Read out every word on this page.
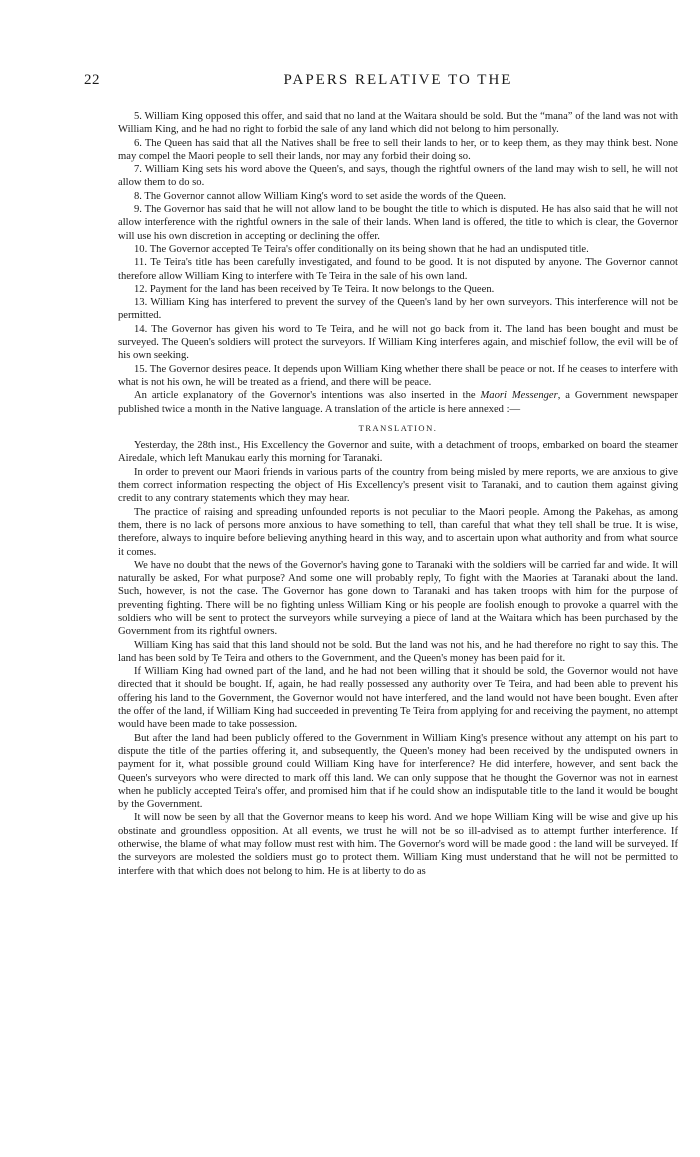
22	PAPERS RELATIVE TO THE

5. William King opposed this offer, and said that no land at the Waitara should be sold. But the “mana” of the land was not with William King, and he had no right to forbid the sale of any land which did not belong to him personally.

6. The Queen has said that all the Natives shall be free to sell their lands to her, or to keep them, as they may think best. None may compel the Maori people to sell their lands, nor may any forbid their doing so.

7. William King sets his word above the Queen's, and says, though the rightful owners of the land may wish to sell, he will not allow them to do so.

8. The Governor cannot allow William King's word to set aside the words of the Queen.

9. The Governor has said that he will not allow land to be bought the title to which is disputed. He has also said that he will not allow interference with the rightful owners in the sale of their lands. When land is offered, the title to which is clear, the Governor will use his own discretion in accepting or declining the offer.

10. The Governor accepted Te Teira's offer conditionally on its being shown that he had an undisputed title.

11. Te Teira's title has been carefully investigated, and found to be good. It is not disputed by anyone. The Governor cannot therefore allow William King to interfere with Te Teira in the sale of his own land.

12. Payment for the land has been received by Te Teira. It now belongs to the Queen.

13. William King has interfered to prevent the survey of the Queen's land by her own surveyors. This interference will not be permitted.

14. The Governor has given his word to Te Teira, and he will not go back from it. The land has been bought and must be surveyed. The Queen's soldiers will protect the surveyors. If William King interferes again, and mischief follow, the evil will be of his own seeking.

15. The Governor desires peace. It depends upon William King whether there shall be peace or not. If he ceases to interfere with what is not his own, he will be treated as a friend, and there will be peace.

An article explanatory of the Governor's intentions was also inserted in the Maori Messenger, a Government newspaper published twice a month in the Native language. A translation of the article is here annexed :—

TRANSLATION.

Yesterday, the 28th inst., His Excellency the Governor and suite, with a detachment of troops, embarked on board the steamer Airedale, which left Manukau early this morning for Taranaki.

In order to prevent our Maori friends in various parts of the country from being misled by mere reports, we are anxious to give them correct information respecting the object of His Excellency's present visit to Taranaki, and to caution them against giving credit to any contrary statements which they may hear.

The practice of raising and spreading unfounded reports is not peculiar to the Maori people. Among the Pakehas, as among them, there is no lack of persons more anxious to have something to tell, than careful that what they tell shall be true. It is wise, therefore, always to inquire before believing anything heard in this way, and to ascertain upon what authority and from what source it comes.

We have no doubt that the news of the Governor's having gone to Taranaki with the soldiers will be carried far and wide. It will naturally be asked, For what purpose? And some one will probably reply, To fight with the Maories at Taranaki about the land. Such, however, is not the case. The Governor has gone down to Taranaki and has taken troops with him for the purpose of preventing fighting. There will be no fighting unless William King or his people are foolish enough to provoke a quarrel with the soldiers who will be sent to protect the surveyors while surveying a piece of land at the Waitara which has been purchased by the Government from its rightful owners.

William King has said that this land should not be sold. But the land was not his, and he had therefore no right to say this. The land has been sold by Te Teira and others to the Government, and the Queen's money has been paid for it.

If William King had owned part of the land, and he had not been willing that it should be sold, the Governor would not have directed that it should be bought. If, again, he had really possessed any authority over Te Teira, and had been able to prevent his offering his land to the Government, the Governor would not have interfered, and the land would not have been bought. Even after the offer of the land, if William King had succeeded in preventing Te Teira from applying for and receiving the payment, no attempt would have been made to take possession.

But after the land had been publicly offered to the Government in William King's presence without any attempt on his part to dispute the title of the parties offering it, and subsequently, the Queen's money had been received by the undisputed owners in payment for it, what possible ground could William King have for interference? He did interfere, however, and sent back the Queen's surveyors who were directed to mark off this land. We can only suppose that he thought the Governor was not in earnest when he publicly accepted Teira's offer, and promised him that if he could show an indisputable title to the land it would be bought by the Government.

It will now be seen by all that the Governor means to keep his word. And we hope William King will be wise and give up his obstinate and groundless opposition. At all events, we trust he will not be so ill-advised as to attempt further interference. If otherwise, the blame of what may follow must rest with him. The Governor's word will be made good : the land will be surveyed. If the surveyors are molested the soldiers must go to protect them. William King must understand that he will not be permitted to interfere with that which does not belong to him. He is at liberty to do as
